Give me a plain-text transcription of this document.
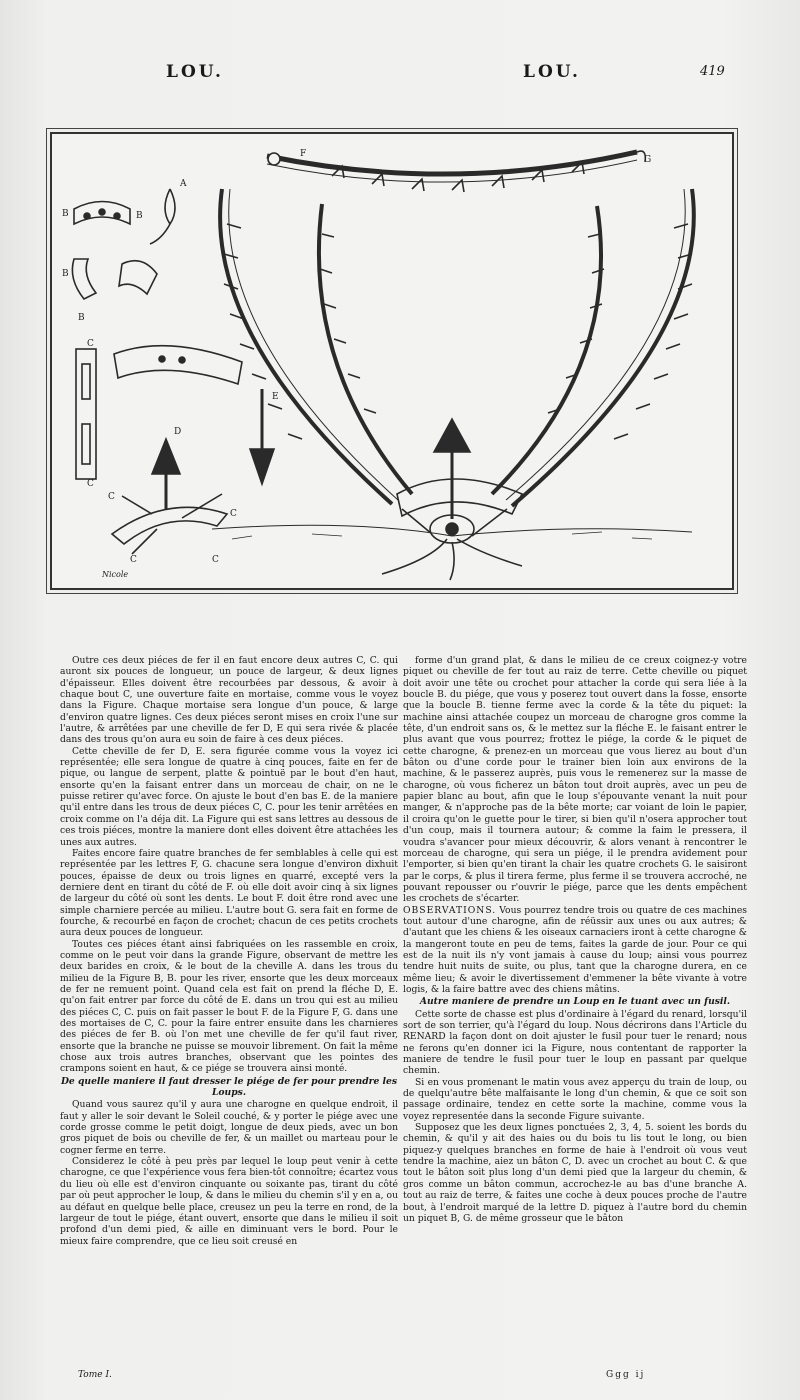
LOU.	LOU.	419
F
G
A
B	B
B
B
C
C
C
C
C	C
D
E
Nicole

Outre ces deux piéces de fer il en faut encore deux autres C, C. qui auront six pouces de longueur, un pouce de largeur, & deux lignes d'épaisseur. Elles doivent être recourbées par dessous, & avoir à chaque bout C, une ouverture faite en mortaise, comme vous le voyez dans la Figure. Chaque mortaise sera longue d'un pouce, & large d'environ quatre lignes. Ces deux piéces seront mises en croix l'une sur l'autre, & arrêtées par une cheville de fer D, E qui sera rivée & placée dans des trous qu'on aura eu soin de faire à ces deux piéces.

Cette cheville de fer D, E. sera figurée comme vous la voyez ici représentée; elle sera longue de quatre à cinq pouces, faite en fer de pique, ou langue de serpent, platte & pointuë par le bout d'en haut, ensorte qu'en la faisant entrer dans un morceau de chair, on ne le puisse retirer qu'avec force. On ajuste le bout d'en bas E. de la maniere qu'il entre dans les trous de deux piéces C, C. pour les tenir arrêtées en croix comme on l'a déja dit. La Figure qui est sans lettres au dessous de ces trois piéces, montre la maniere dont elles doivent être attachées les unes aux autres.

Faites encore faire quatre branches de fer semblables à celle qui est représentée par les lettres F, G. chacune sera longue d'environ dixhuit pouces, épaisse de deux ou trois lignes en quarré, excepté vers la derniere dent en tirant du côté de F. où elle doit avoir cinq à six lignes de largeur du côté où sont les dents. Le bout F. doit être rond avec une simple charniere percée au milieu. L'autre bout G. sera fait en forme de fourche, & recourbé en façon de crochet; chacun de ces petits crochets aura deux pouces de longueur.

Toutes ces piéces étant ainsi fabriquées on les rassemble en croix, comme on le peut voir dans la grande Figure, observant de mettre les deux barides en croix, & le bout de la cheville A. dans les trous du milieu de la Figure B, B. pour les river, ensorte que les deux morceaux de fer ne remuent point. Quand cela est fait on prend la fléche D, E. qu'on fait entrer par force du côté de E. dans un trou qui est au milieu des piéces C, C. puis on fait passer le bout F. de la Figure F, G. dans une des mortaises de C, C. pour la faire entrer ensuite dans les charnieres des piéces de fer B. où l'on met une cheville de fer qu'il faut river, ensorte que la branche ne puisse se mouvoir librement. On fait la même chose aux trois autres branches, observant que les pointes des crampons soient en haut, & ce piége se trouvera ainsi monté.

De quelle maniere il faut dresser le piége de fer pour prendre les Loups.

Quand vous saurez qu'il y aura une charogne en quelque endroit, il faut y aller le soir devant le Soleil couché, & y porter le piége avec une corde grosse comme le petit doigt, longue de deux pieds, avec un bon gros piquet de bois ou cheville de fer, & un maillet ou marteau pour le cogner ferme en terre.

Considerez le côté à peu près par lequel le loup peut venir à cette charogne, ce que l'expérience vous fera bien-tôt connoître; écartez vous du lieu où elle est d'environ cinquante ou soixante pas, tirant du côté par où peut approcher le loup, & dans le milieu du chemin s'il y en a, ou au défaut en quelque belle place, creusez un peu la terre en rond, de la largeur de tout le piége, étant ouvert, ensorte que dans le milieu il soit profond d'un demi pied, & aille en diminuant vers le bord. Pour le mieux faire comprendre, que ce lieu soit creusé en

forme d'un grand plat, & dans le milieu de ce creux coignez-y votre piquet ou cheville de fer tout au raiz de terre. Cette cheville ou piquet doit avoir une tête ou crochet pour attacher la corde qui sera liée à la boucle B. du piége, que vous y poserez tout ouvert dans la fosse, ensorte que la boucle B. tienne ferme avec la corde & la tête du piquet: la machine ainsi attachée coupez un morceau de charogne gros comme la tête, d'un endroit sans os, & le mettez sur la fléche E. le faisant entrer le plus avant que vous pourrez; frottez le piége, la corde & le piquet de cette charogne, & prenez-en un morceau que vous lierez au bout d'un bâton ou d'une corde pour le trainer bien loin aux environs de la machine, & le passerez auprès, puis vous le remenerez sur la masse de charogne, où vous ficherez un bâton tout droit auprès, avec un peu de papier blanc au bout, afin que le loup s'épouvante venant la nuit pour manger, & n'approche pas de la bête morte; car voiant de loin le papier, il croira qu'on le guette pour le tirer, si bien qu'il n'osera approcher tout d'un coup, mais il tournera autour; & comme la faim le pressera, il voudra s'avancer pour mieux découvrir, & alors venant à rencontrer le morceau de charogne, qui sera un piége, il le prendra avidement pour l'emporter, si bien qu'en tirant la chair les quatre crochets G. le saisiront par le corps, & plus il tirera ferme, plus ferme il se trouvera accroché, ne pouvant repousser ou r'ouvrir le piége, parce que les dents empêchent les crochets de s'écarter.

OBSERVATIONS. Vous pourrez tendre trois ou quatre de ces machines tout autour d'une charogne, afin de réüssir aux unes ou aux autres; & d'autant que les chiens & les oiseaux carnaciers iront à cette charogne & la mangeront toute en peu de tems, faites la garde de jour. Pour ce qui est de la nuit ils n'y vont jamais à cause du loup; ainsi vous pourrez tendre huit nuits de suite, ou plus, tant que la charogne durera, en ce même lieu; & avoir le divertissement d'emmener la bête vivante à votre logis, & la faire battre avec des chiens mâtins.

Autre maniere de prendre un Loup en le tuant avec un fusil.

Cette sorte de chasse est plus d'ordinaire à l'égard du renard, lorsqu'il sort de son terrier, qu'à l'égard du loup. Nous décrirons dans l'Article du RENARD la façon dont on doit ajuster le fusil pour tuer le renard; nous ne ferons qu'en donner ici la Figure, nous contentant de rapporter la maniere de tendre le fusil pour tuer le loup en passant par quelque chemin.

Si en vous promenant le matin vous avez apperçu du train de loup, ou de quelqu'autre bête malfaisante le long d'un chemin, & que ce soit son passage ordinaire, tendez en cette sorte la machine, comme vous la voyez representée dans la seconde Figure suivante.

Supposez que les deux lignes ponctuées 2, 3, 4, 5. soient les bords du chemin, & qu'il y ait des haies ou du bois tu lis tout le long, ou bien piquez-y quelques branches en forme de haie à l'endroit où vous veut tendre la machine, aiez un bâton C, D. avec un crochet au bout C. & que tout le bâton soit plus long d'un demi pied que la largeur du chemin, & gros comme un bâton commun, accrochez-le au bas d'une branche A. tout au raiz de terre, & faites une coche à deux pouces proche de l'autre bout, à l'endroit marqué de la lettre D. piquez à l'autre bord du chemin un piquet B, G. de même grosseur que le bâton

Tome I.	Ggg ij
